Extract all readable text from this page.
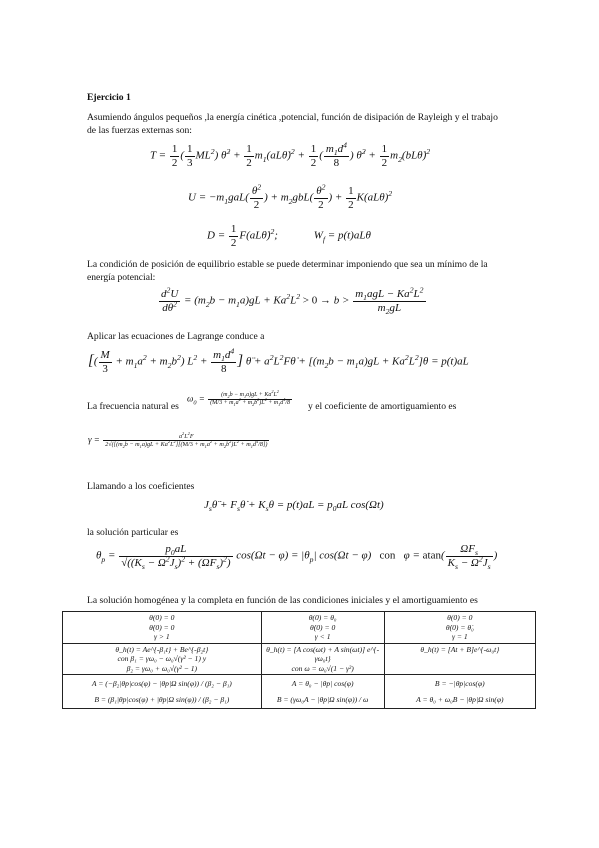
Ejercicio 1
Asumiendo ángulos pequeños ,la energía cinética ,potencial, función de disipación de Rayleigh y el trabajo
de las fuerzas externas son:
$T = \frac{1}{2}$ ( $\frac{1}{3} ML^2$) θ̇$^2$ + $\frac{1}{2}$ $m_1(aL\thetȧ)^2 + \frac{1}{2}$ ( $\frac{m_1d^4}{8}$ ) θ̇$^2$ + $\frac{1}{2}$ $m_2(bL\thetȧ)^2$
$U = -m_1gaL( \frac{\theta^2}{2}$ ) + $m_2gbL( \frac{\theta^2}{2}$ ) + $\frac{1}{2} K(aL\theta)^2$
$D = \frac{1}{2}$ F(aLθ̇)$^2$;             $W_f = p(t)aL\theta$
La condición de posición de equilibrio estable se puede determinar imponiendo que sea un mínimo de la
energía potencial:
$\frac{d^2U}{d\theta^2} = (m_2b - m_1a)gL + Ka^2L^2 > 0 \to b > \frac{m_1agL - Ka^2L^2}{m_2gL}$
Aplicar las ecuaciones de Lagrange conduce a
[( $\frac{M}{3} + m_1a^2 + m_2b^2$) $L^2 + \frac{m_1d^4}{8}$ ] θ̈ + $a^2L^2F\thetȧ + [(m_2b - m_1a)gL + Ka^2L^2]\theta = p(t)aL$
La frecuencia natural es
$\omega_0 = \frac{(m_2b - m_1a)gL + Ka^2L^2}{(M/3 + m_1a^2 + m_2b^2)L^2 + m_1d^4/8}$ y el coeficiente de amortiguamiento es
$\gamma = \frac{a^2L^2F}{2√([(m_2b - m_1a)gL + Ka^2L^2][(M/3 + m_1a^2 + m_2b^2)L^2 + m_1d^4/8])}$
Llamando a los coeficientes
$J_s\thetä$ + $F_s\thetȧ + K_s\theta = p(t)aL = p_0aL$ cos(Ωt)
la solución particular es
$\theta_p = \frac{p_0aL}{√((K_s - \Omega^2J_s)^2 + (\Omega F_s)^2)} \cos(\Omega t - \varphi) = |\theta_p|$ cos(Ωt − φ)   con   $\varphi = atan( \frac{\Omega F_s}{K_s - \Omega^2J_s}$ )
La solución homogénea y la completa en función de las condiciones iniciales y el amortiguamiento es
θ(0) = 0
θ̇(0) = 0
γ > 1	θ(0) = θ₀
θ̇(0) = 0
γ < 1	θ(0) = 0
θ̇(0) = θ̇₀
γ = 1

θ_h(t) = Ae^{-β₁t} + Be^{-β₂t}
con β₁ = γω₀ − ω₀√(γ² − 1) y
β₂ = γω₀ + ω₀√(γ² − 1)	θ_h(t) = [A cos(ωt) + A sin(ωt)] e^{-γω₀t}
con ω = ω₀√(1 − γ²)	θ_h(t) = [At + B]e^{-ω₀t}

A = (−β₂|θp|cos(φ) − |θp|Ω sin(φ)) / (β₂ − β₁)
B = (β₁|θp|cos(φ) + |θp|Ω sin(φ)) / (β₂ − β₁)	A = θ₀ − |θp| cos(φ)
B = (γω₀A − |θp|Ω sin(φ)) / ω	B = −|θp|cos(φ)
A = θ₀ + ω₀B − |θp|Ω sin(φ)
